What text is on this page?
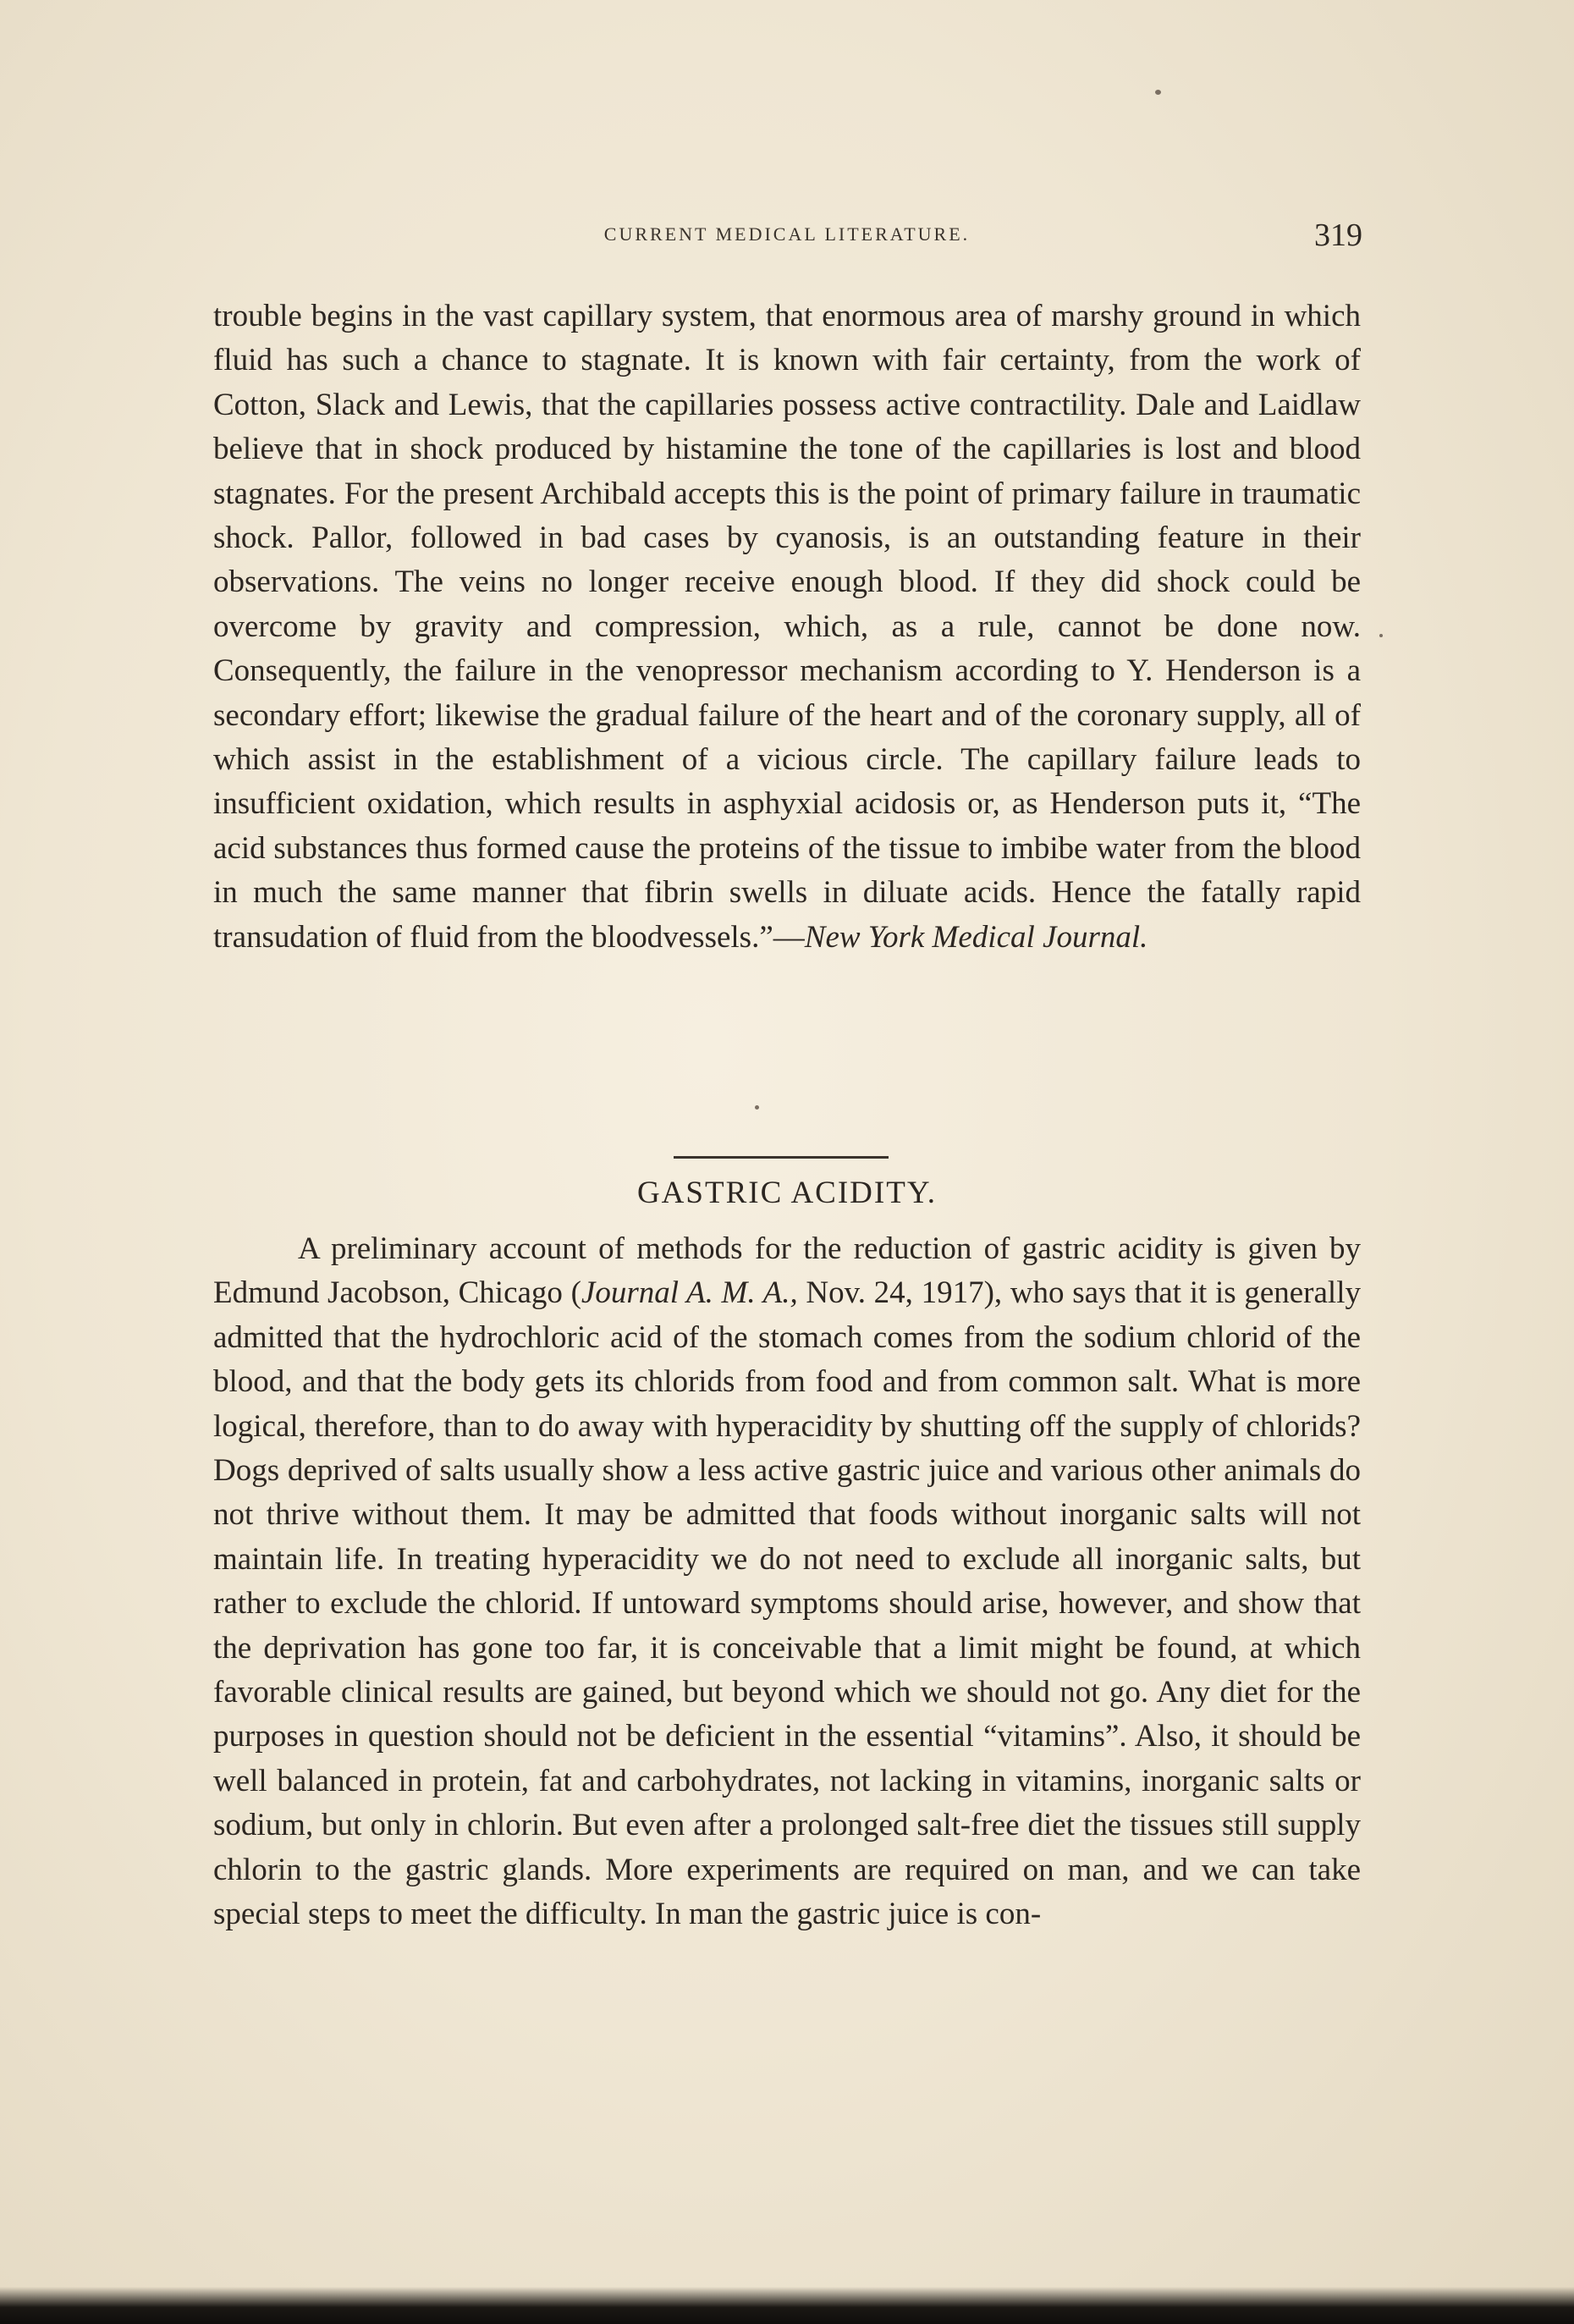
CURRENT MEDICAL LITERATURE.	319

trouble begins in the vast capillary system, that enormous area of marshy ground in which fluid has such a chance to stagnate. It is known with fair certainty, from the work of Cotton, Slack and Lewis, that the capillaries possess active contractility. Dale and Laidlaw believe that in shock produced by histamine the tone of the capillaries is lost and blood stagnates. For the present Archibald accepts this is the point of primary failure in traumatic shock. Pallor, followed in bad cases by cyanosis, is an outstanding feature in their observations. The veins no longer receive enough blood. If they did shock could be overcome by gravity and compression, which, as a rule, cannot be done now. Consequently, the failure in the venopressor mechanism according to Y. Henderson is a secondary effort; likewise the gradual failure of the heart and of the coronary supply, all of which assist in the establishment of a vicious circle. The capillary failure leads to insufficient oxidation, which results in asphyxial acidosis or, as Henderson puts it, “The acid substances thus formed cause the proteins of the tissue to imbibe water from the blood in much the same manner that fibrin swells in diluate acids. Hence the fatally rapid transudation of fluid from the bloodvessels.”—New York Medical Journal.

GASTRIC ACIDITY.

A preliminary account of methods for the reduction of gastric acidity is given by Edmund Jacobson, Chicago (Journal A. M. A., Nov. 24, 1917), who says that it is generally admitted that the hydrochloric acid of the stomach comes from the sodium chlorid of the blood, and that the body gets its chlorids from food and from common salt. What is more logical, therefore, than to do away with hyperacidity by shutting off the supply of chlorids? Dogs deprived of salts usually show a less active gastric juice and various other animals do not thrive without them. It may be admitted that foods without inorganic salts will not maintain life. In treating hyperacidity we do not need to exclude all inorganic salts, but rather to exclude the chlorid. If untoward symptoms should arise, however, and show that the deprivation has gone too far, it is conceivable that a limit might be found, at which favorable clinical results are gained, but beyond which we should not go. Any diet for the purposes in question should not be deficient in the essential “vitamins”. Also, it should be well balanced in protein, fat and carbohydrates, not lacking in vitamins, inorganic salts or sodium, but only in chlorin. But even after a prolonged salt-free diet the tissues still supply chlorin to the gastric glands. More experiments are required on man, and we can take special steps to meet the difficulty. In man the gastric juice is con-
